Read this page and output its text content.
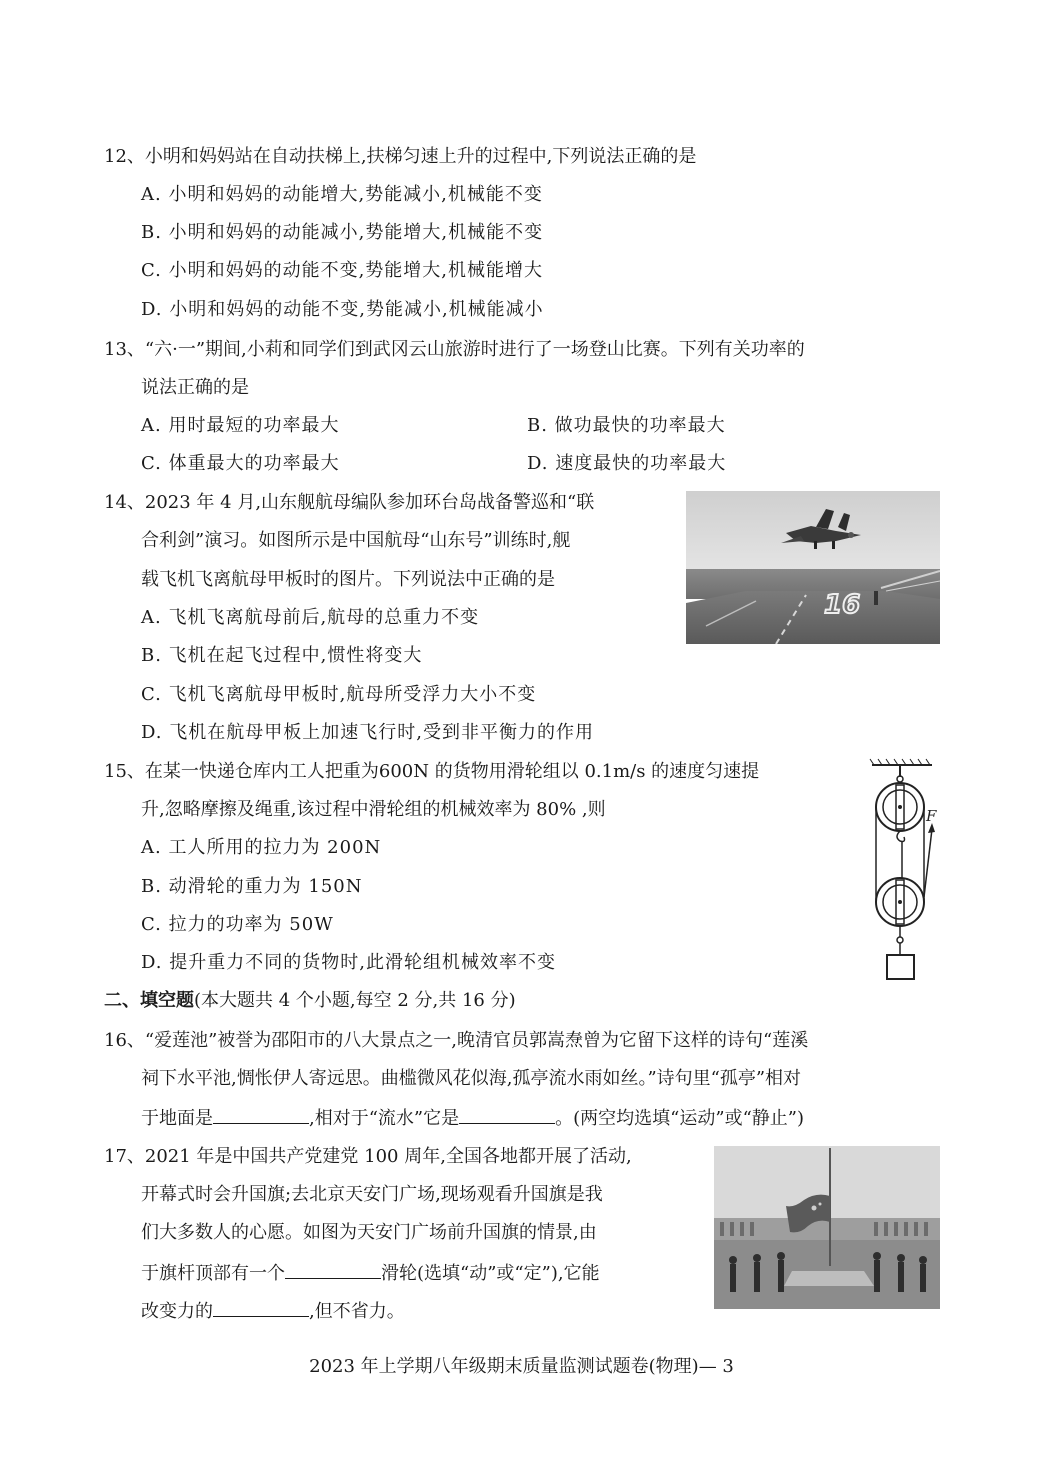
12、小明和妈妈站在自动扶梯上,扶梯匀速上升的过程中,下列说法正确的是
A. 小明和妈妈的动能增大,势能减小,机械能不变
B. 小明和妈妈的动能减小,势能增大,机械能不变
C. 小明和妈妈的动能不变,势能增大,机械能增大
D. 小明和妈妈的动能不变,势能减小,机械能减小
13、“六·一”期间,小莉和同学们到武冈云山旅游时进行了一场登山比赛。下列有关功率的
说法正确的是
A. 用时最短的功率最大	B. 做功最快的功率最大
C. 体重最大的功率最大	D. 速度最快的功率最大
14、2023 年 4 月,山东舰航母编队参加环台岛战备警巡和“联
合利剑”演习。如图所示是中国航母“山东号”训练时,舰
载飞机飞离航母甲板时的图片。下列说法中正确的是
A. 飞机飞离航母前后,航母的总重力不变
B. 飞机在起飞过程中,惯性将变大
C. 飞机飞离航母甲板时,航母所受浮力大小不变
D. 飞机在航母甲板上加速飞行时,受到非平衡力的作用
16
15、在某一快递仓库内工人把重为600N 的货物用滑轮组以 0.1m/s 的速度匀速提
升,忽略摩擦及绳重,该过程中滑轮组的机械效率为 80% ,则
A. 工人所用的拉力为 200N
B. 动滑轮的重力为 150N
C. 拉力的功率为 50W
D. 提升重力不同的货物时,此滑轮组机械效率不变
F
二、填空题(本大题共 4 个小题,每空 2 分,共 16 分)
16、“爱莲池”被誉为邵阳市的八大景点之一,晚清官员郭嵩焘曾为它留下这样的诗句“莲溪
祠下水平池,惆怅伊人寄远思。曲槛微风花似海,孤亭流水雨如丝。”诗句里“孤亭”相对
于地面是	,相对于“流水”它是	。(两空均选填“运动”或“静止”)
17、2021 年是中国共产党建党 100 周年,全国各地都开展了活动,
开幕式时会升国旗;去北京天安门广场,现场观看升国旗是我
们大多数人的心愿。如图为天安门广场前升国旗的情景,由
于旗杆顶部有一个	滑轮(选填“动”或“定”),它能
改变力的	,但不省力。
2023 年上学期八年级期末质量监测试题卷(物理)— 3
